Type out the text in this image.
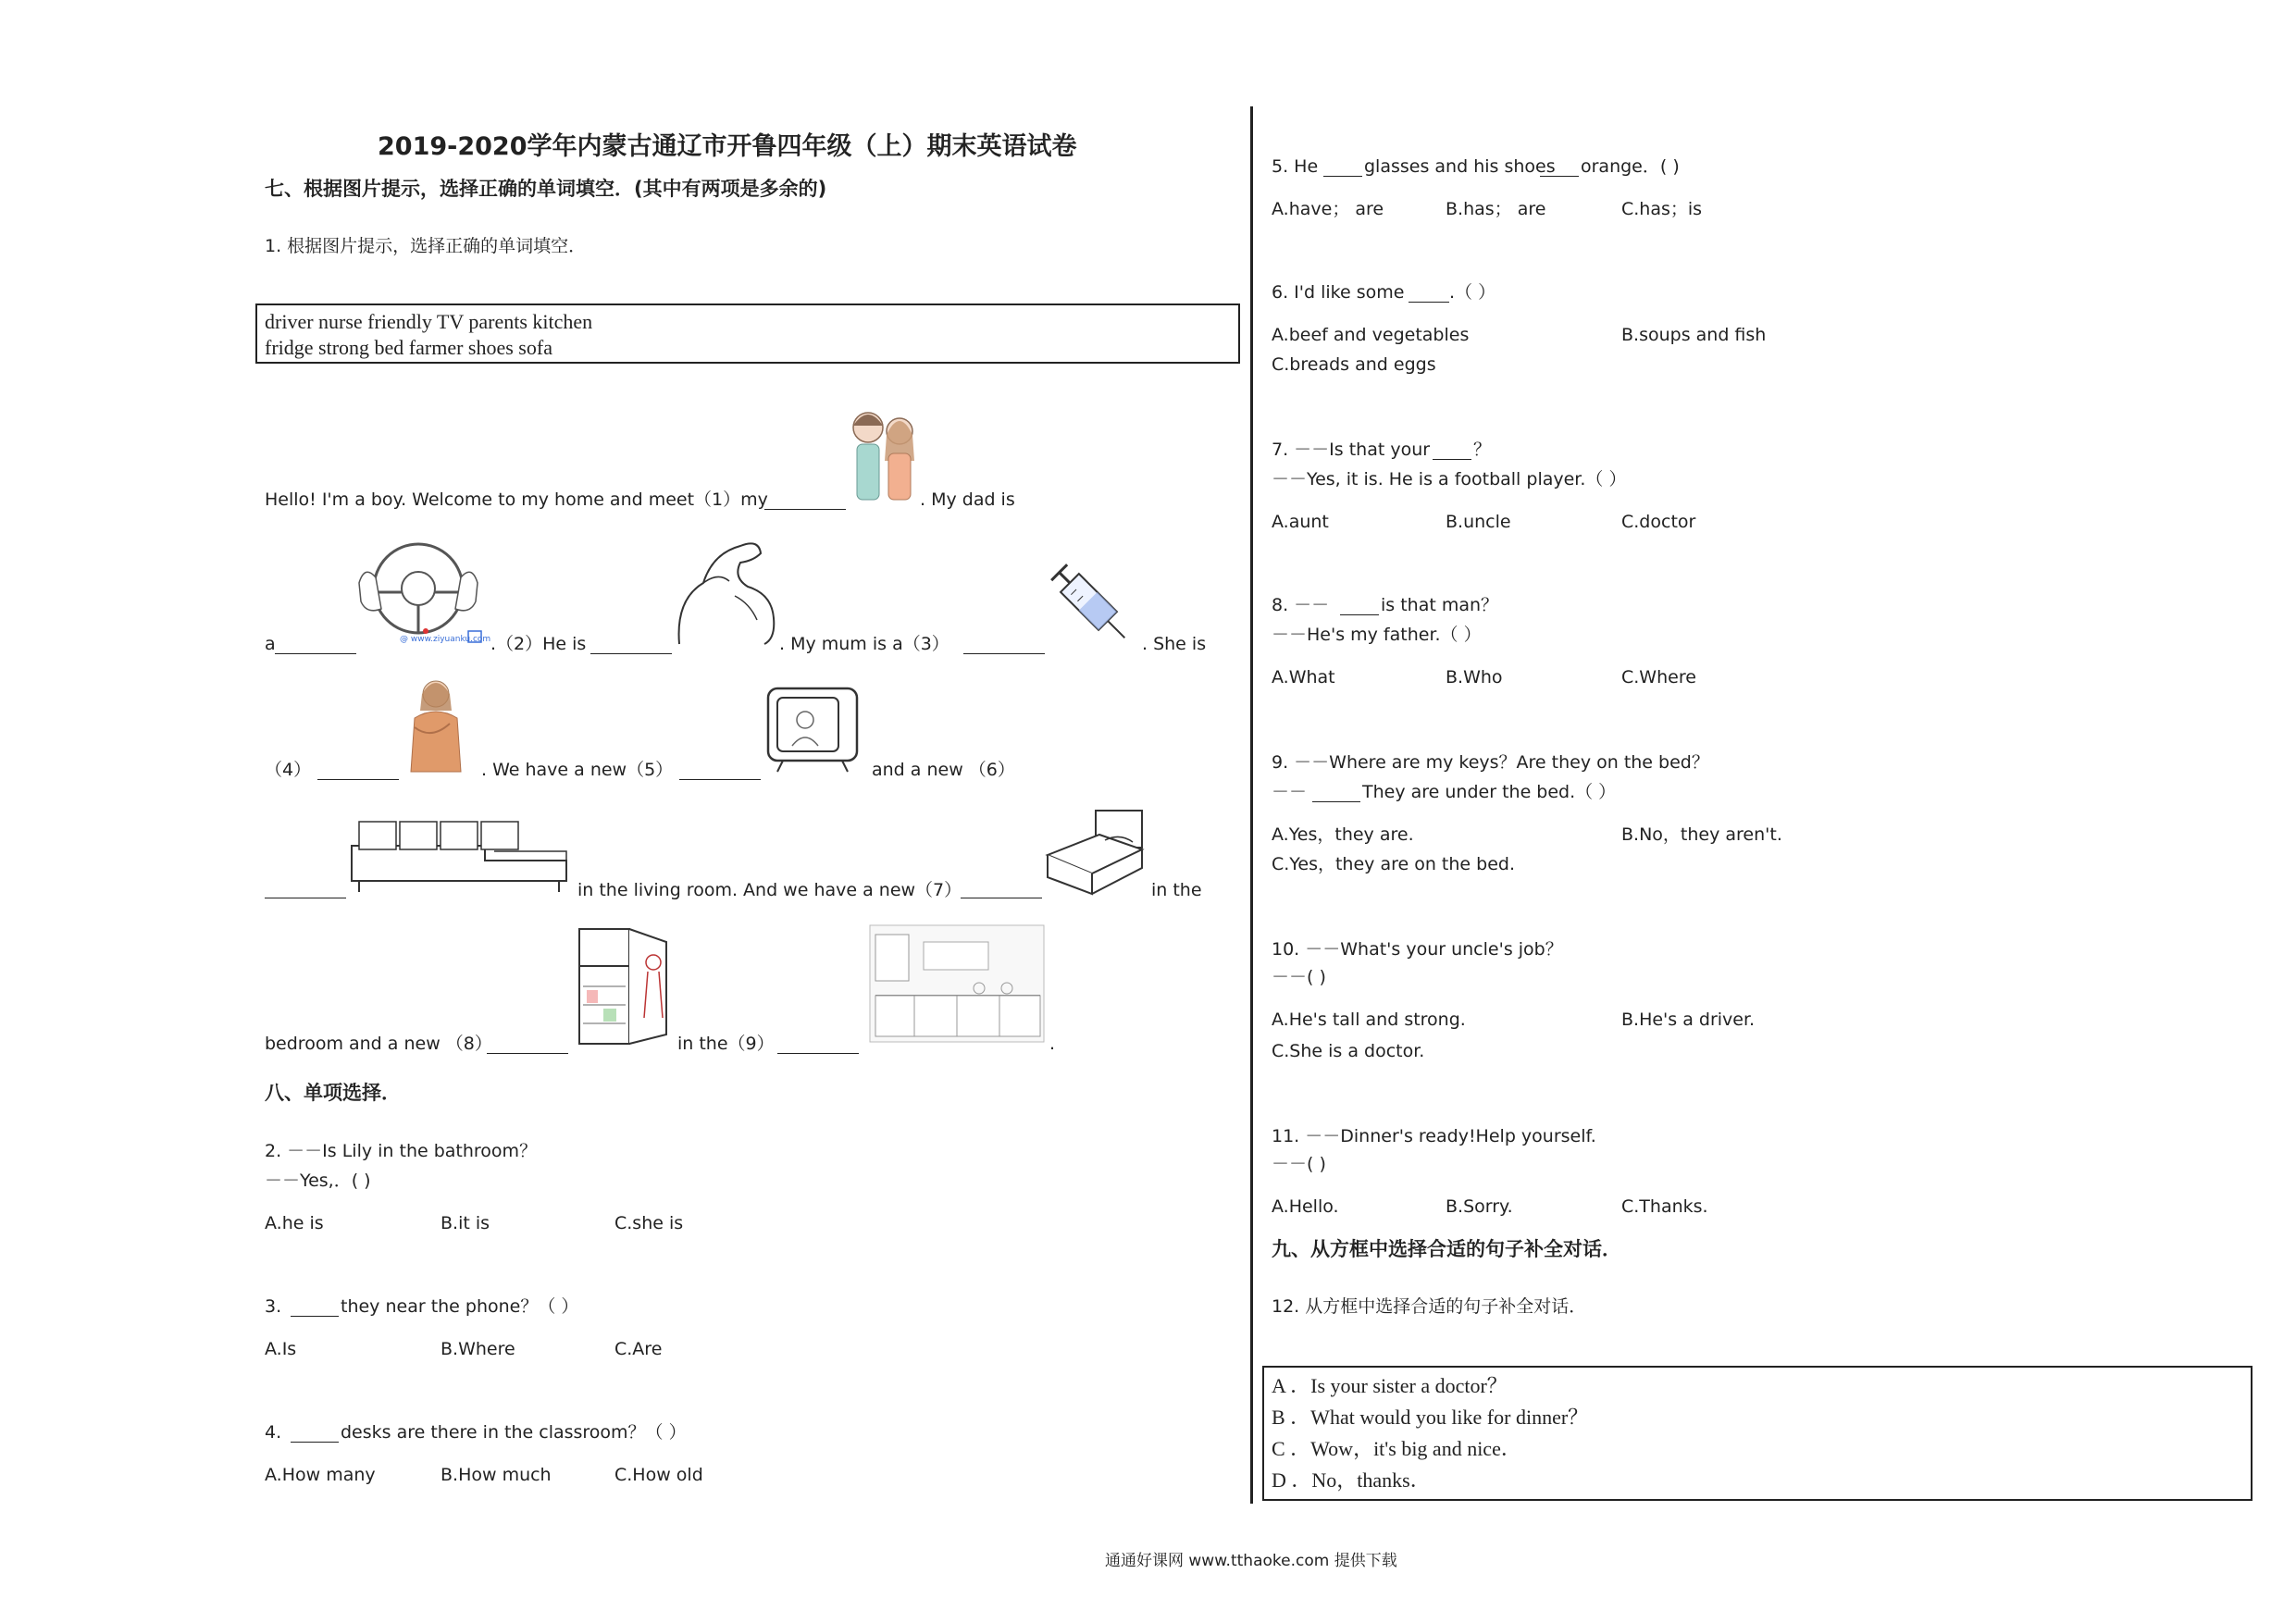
2019-2020学年内蒙古通辽市开鲁四年级（上）期末英语试卷
七、根据图片提示，选择正确的单词填空．(其中有两项是多余的)
1. 根据图片提示，选择正确的单词填空．
driver nurse friendly TV parents kitchen
fridge strong bed farmer shoes sofa
Hello! I'm a boy. Welcome to my home and meet（1）my	. My dad is
a	@ www.ziyuanku.com .（2）He is	. My mum is a（3）	. She is
（4）	. We have a new（5）	and a new （6）
in the living room. And we have a new（7）	in the
bedroom and a new （8）	in the（9）	.
八、单项选择．
2. －－Is Lily in the bathroom？
－－Yes,．( )
A.he is	B.it is	C.she is
3.	they near the phone？（ ）
A.Is	B.Where	C.Are
4.	desks are there in the classroom？（ ）
A.How many	B.How much	C.How old
5. He	glasses and his shoes orange．( )
A.have； are	B.has； are	C.has；is
6. I'd like some	.（ ）
A.beef and vegetables	B.soups and fish
C.breads and eggs
7. －－Is that your ？
－－Yes, it is. He is a football player.（ ）
A.aunt	B.uncle	C.doctor
8. －－	is that man？
－－He's my father.（ ）
A.What	B.Who	C.Where
9. －－Where are my keys？Are they on the bed？
－－	They are under the bed.（ ）
A.Yes，they are.	B.No，they aren't.
C.Yes，they are on the bed.
10. －－What's your uncle's job？
－－( )
A.He's tall and strong.	B.He's a driver.
C.She is a doctor.
11. －－Dinner's ready!Help yourself.
－－( )
A.Hello.	B.Sorry.	C.Thanks.
九、从方框中选择合适的句子补全对话．
12. 从方框中选择合适的句子补全对话．
A ．Is your sister a doctor？
B ．What would you like for dinner？
C ．Wow，it's big and nice．
D ．No，thanks．
通通好课网 www.tthaoke.com 提供下载
